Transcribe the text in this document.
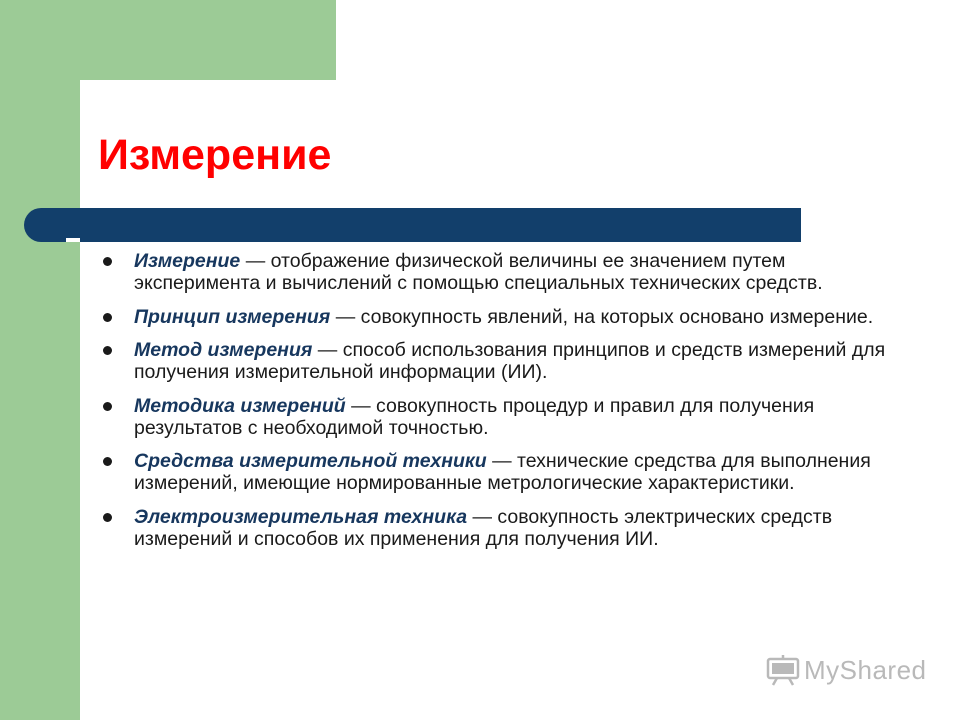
Измерение
Измерение — отображение физической величины ее значением путем эксперимента и вычислений с помощью специальных технических средств.
Принцип измерения — совокупность явлений, на которых основано измерение.
Метод измерения — способ использования принципов и средств измерений для получения измерительной информации (ИИ).
Методика измерений — совокупность процедур и правил для получения результатов с необходимой точностью.
Средства измерительной техники — технические средства для выполнения измерений, имеющие нормированные метрологические характеристики.
Электроизмерительная техника — совокупность электрических средств измерений и способов их применения для получения ИИ.
MyShared
